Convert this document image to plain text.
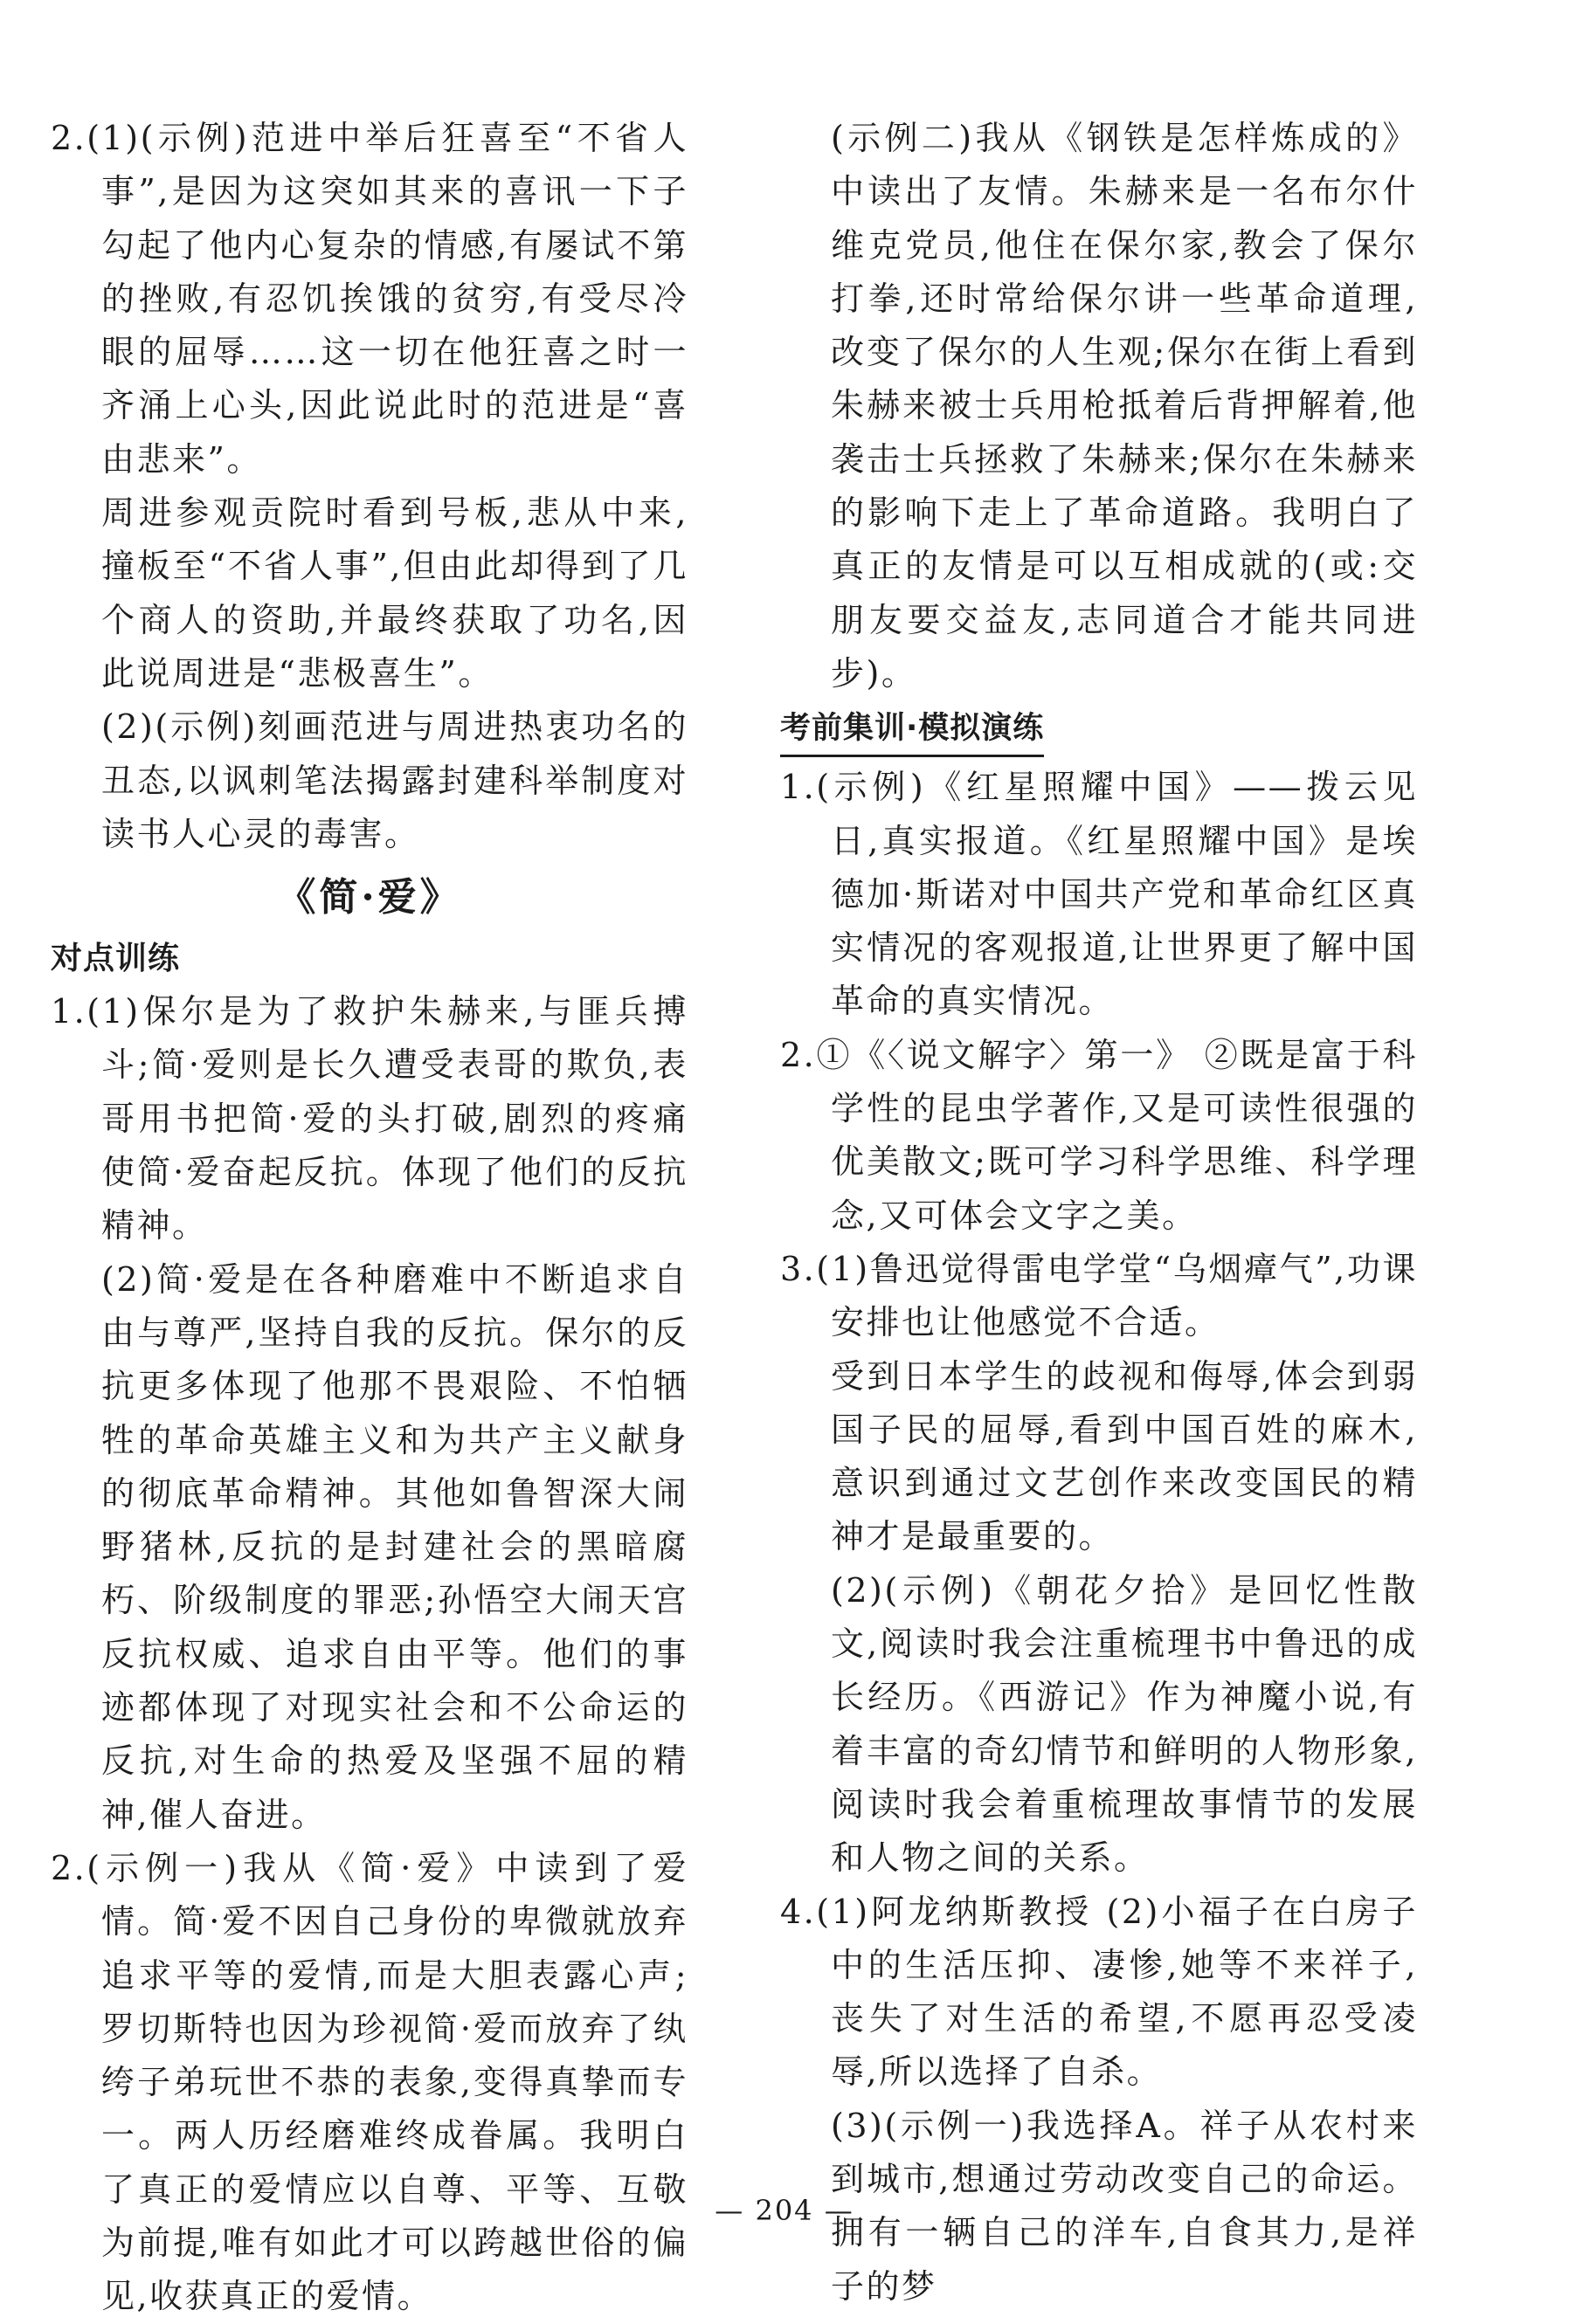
2.(1)(示例)范进中举后狂喜至“不省人事”,是因为这突如其来的喜讯一下子勾起了他内心复杂的情感,有屡试不第的挫败,有忍饥挨饿的贫穷,有受尽冷眼的屈辱……这一切在他狂喜之时一齐涌上心头,因此说此时的范进是“喜由悲来”。

周进参观贡院时看到号板,悲从中来,撞板至“不省人事”,但由此却得到了几个商人的资助,并最终获取了功名,因此说周进是“悲极喜生”。

(2)(示例)刻画范进与周进热衷功名的丑态,以讽刺笔法揭露封建科举制度对读书人心灵的毒害。

《简·爱》
对点训练

1.(1)保尔是为了救护朱赫来,与匪兵搏斗;简·爱则是长久遭受表哥的欺负,表哥用书把简·爱的头打破,剧烈的疼痛使简·爱奋起反抗。体现了他们的反抗精神。

(2)简·爱是在各种磨难中不断追求自由与尊严,坚持自我的反抗。保尔的反抗更多体现了他那不畏艰险、不怕牺牲的革命英雄主义和为共产主义献身的彻底革命精神。其他如鲁智深大闹野猪林,反抗的是封建社会的黑暗腐朽、阶级制度的罪恶;孙悟空大闹天宫反抗权威、追求自由平等。他们的事迹都体现了对现实社会和不公命运的反抗,对生命的热爱及坚强不屈的精神,催人奋进。

2.(示例一)我从《简·爱》中读到了爱情。简·爱不因自己身份的卑微就放弃追求平等的爱情,而是大胆表露心声;罗切斯特也因为珍视简·爱而放弃了纨绔子弟玩世不恭的表象,变得真挚而专一。两人历经磨难终成眷属。我明白了真正的爱情应以自尊、平等、互敬为前提,唯有如此才可以跨越世俗的偏见,收获真正的爱情。

(示例二)我从《钢铁是怎样炼成的》中读出了友情。朱赫来是一名布尔什维克党员,他住在保尔家,教会了保尔打拳,还时常给保尔讲一些革命道理,改变了保尔的人生观;保尔在街上看到朱赫来被士兵用枪抵着后背押解着,他袭击士兵拯救了朱赫来;保尔在朱赫来的影响下走上了革命道路。我明白了真正的友情是可以互相成就的(或:交朋友要交益友,志同道合才能共同进步)。

考前集训·模拟演练

1.(示例)《红星照耀中国》——拨云见日,真实报道。《红星照耀中国》是埃德加·斯诺对中国共产党和革命红区真实情况的客观报道,让世界更了解中国革命的真实情况。

2.①《〈说文解字〉第一》 ②既是富于科学性的昆虫学著作,又是可读性很强的优美散文;既可学习科学思维、科学理念,又可体会文字之美。

3.(1)鲁迅觉得雷电学堂“乌烟瘴气”,功课安排也让他感觉不合适。

受到日本学生的歧视和侮辱,体会到弱国子民的屈辱,看到中国百姓的麻木,意识到通过文艺创作来改变国民的精神才是最重要的。

(2)(示例)《朝花夕拾》是回忆性散文,阅读时我会注重梳理书中鲁迅的成长经历。《西游记》作为神魔小说,有着丰富的奇幻情节和鲜明的人物形象,阅读时我会着重梳理故事情节的发展和人物之间的关系。

4.(1)阿龙纳斯教授 (2)小福子在白房子中的生活压抑、凄惨,她等不来祥子,丧失了对生活的希望,不愿再忍受凌辱,所以选择了自杀。

(3)(示例一)我选择A。祥子从农村来到城市,想通过劳动改变自己的命运。拥有一辆自己的洋车,自食其力,是祥子的梦

— 204 —
